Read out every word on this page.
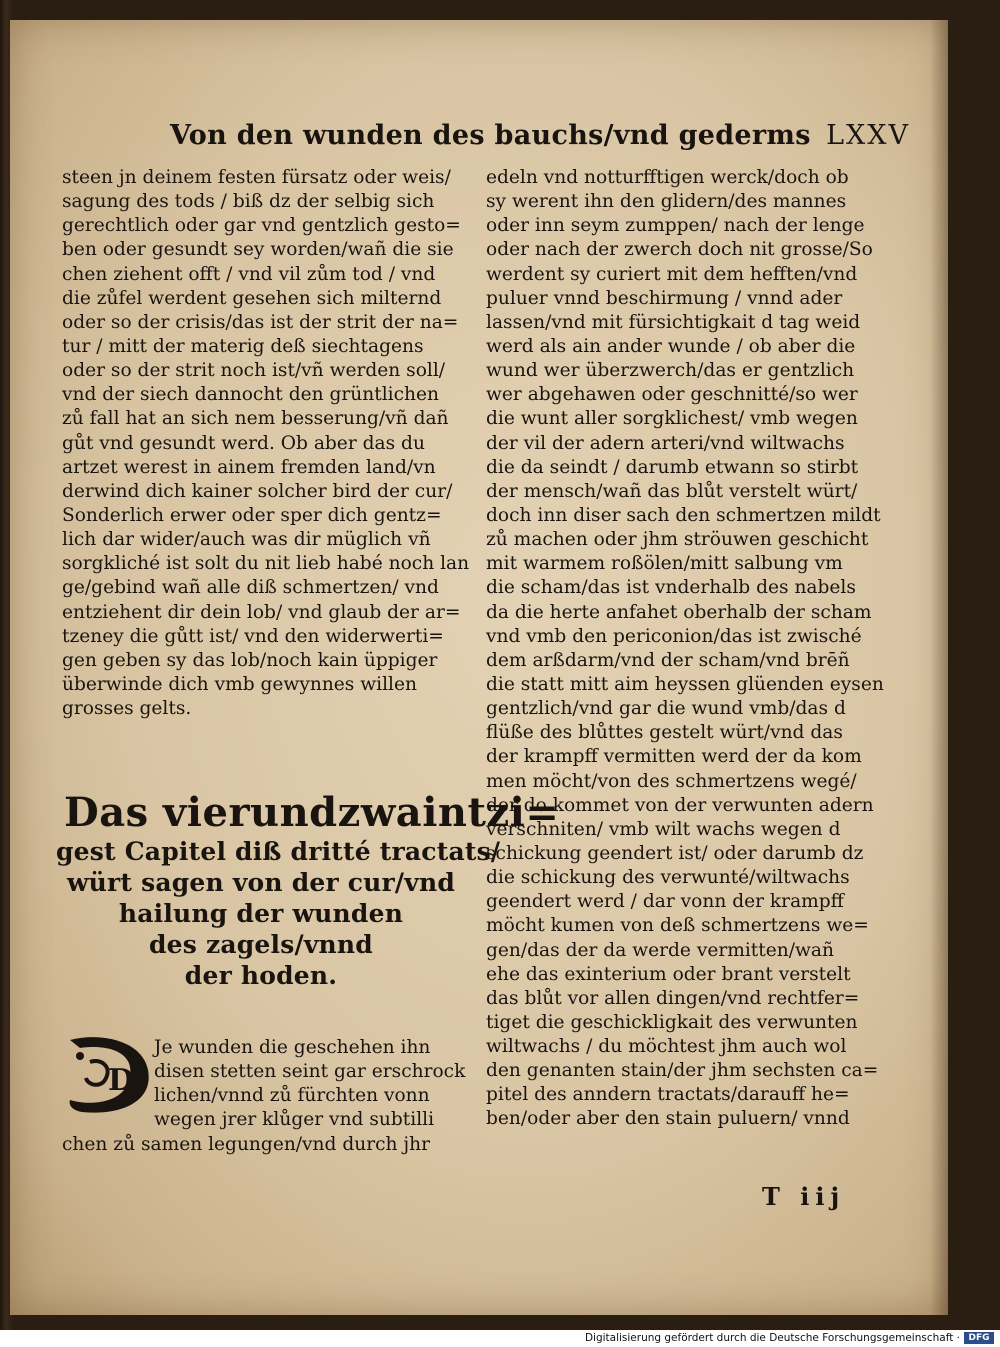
Von den wunden des bauchs/vnd gederms LXXV
steen jn deinem festen fürsatz oder weis/
sagung des tods / biß dz der selbig sich
gerechtlich oder gar vnd gentzlich gesto=
ben oder gesundt sey worden/wañ die sie
chen ziehent offt / vnd vil zům tod / vnd
die zůfel werdent gesehen sich milternd
oder so der crisis/das ist der strit der na=
tur / mitt der materig deß siechtagens
oder so der strit noch ist/vñ werden soll/
vnd der siech dannocht den grüntlichen
zů fall hat an sich nem besserung/vñ dañ
gůt vnd gesundt werd. Ob aber das du
artzet werest in ainem fremden land/vn
derwind dich kainer solcher bird der cur/
Sonderlich erwer oder sper dich gentz=
lich dar wider/auch was dir müglich vñ
sorgkliché ist solt du nit lieb habé noch lan
ge/gebind wañ alle diß schmertzen/ vnd
entziehent dir dein lob/ vnd glaub der ar=
tzeney die gůtt ist/ vnd den widerwerti=
gen geben sy das lob/noch kain üppiger
überwinde dich vmb gewynnes willen
grosses gelts.
Das vierundzwaintzi=
gest Capitel diß dritté tractats/
würt sagen von der cur/vnd
hailung der wunden
des zagels/vnnd
der hoden.
D
Je wunden die geschehen ihn
disen stetten seint gar erschrock
lichen/vnnd zů fürchten vonn
wegen jrer klůger vnd subtilli
chen zů samen legungen/vnd durch jhr
edeln vnd notturfftigen werck/doch ob
sy werent ihn den glidern/des mannes
oder inn seym zumppen/ nach der lenge
oder nach der zwerch doch nit grosse/So
werdent sy curiert mit dem hefften/vnd
puluer vnnd beschirmung / vnnd ader
lassen/vnd mit fürsichtigkait d tag weid
werd als ain ander wunde / ob aber die
wund wer überzwerch/das er gentzlich
wer abgehawen oder geschnitté/so wer
die wunt aller sorgklichest/ vmb wegen
der vil der adern arteri/vnd wiltwachs
die da seindt / darumb etwann so stirbt
der mensch/wañ das blůt verstelt würt/
doch inn diser sach den schmertzen mildt
zů machen oder jhm ströuwen geschicht
mit warmem roßölen/mitt salbung vm
die scham/das ist vnderhalb des nabels
da die herte anfahet oberhalb der scham
vnd vmb den periconion/das ist zwisché
dem arßdarm/vnd der scham/vnd brēñ
die statt mitt aim heyssen glüenden eysen
gentzlich/vnd gar die wund vmb/das d
flüße des blůttes gestelt würt/vnd das
der krampff vermitten werd der da kom
men möcht/von des schmertzens wegé/
der do kommet von der verwunten adern
verschniten/ vmb wilt wachs wegen d
schickung geendert ist/ oder darumb dz
die schickung des verwunté/wiltwachs
geendert werd / dar vonn der krampff
möcht kumen von deß schmertzens we=
gen/das der da werde vermitten/wañ
ehe das exinterium oder brant verstelt
das blůt vor allen dingen/vnd rechtfer=
tiget die geschickligkait des verwunten
wiltwachs / du möchtest jhm auch wol
den genanten stain/der jhm sechsten ca=
pitel des anndern tractats/darauff he=
ben/oder aber den stain puluern/ vnnd
T iij
Digitalisierung gefördert durch die Deutsche Forschungsgemeinschaft · DFG
